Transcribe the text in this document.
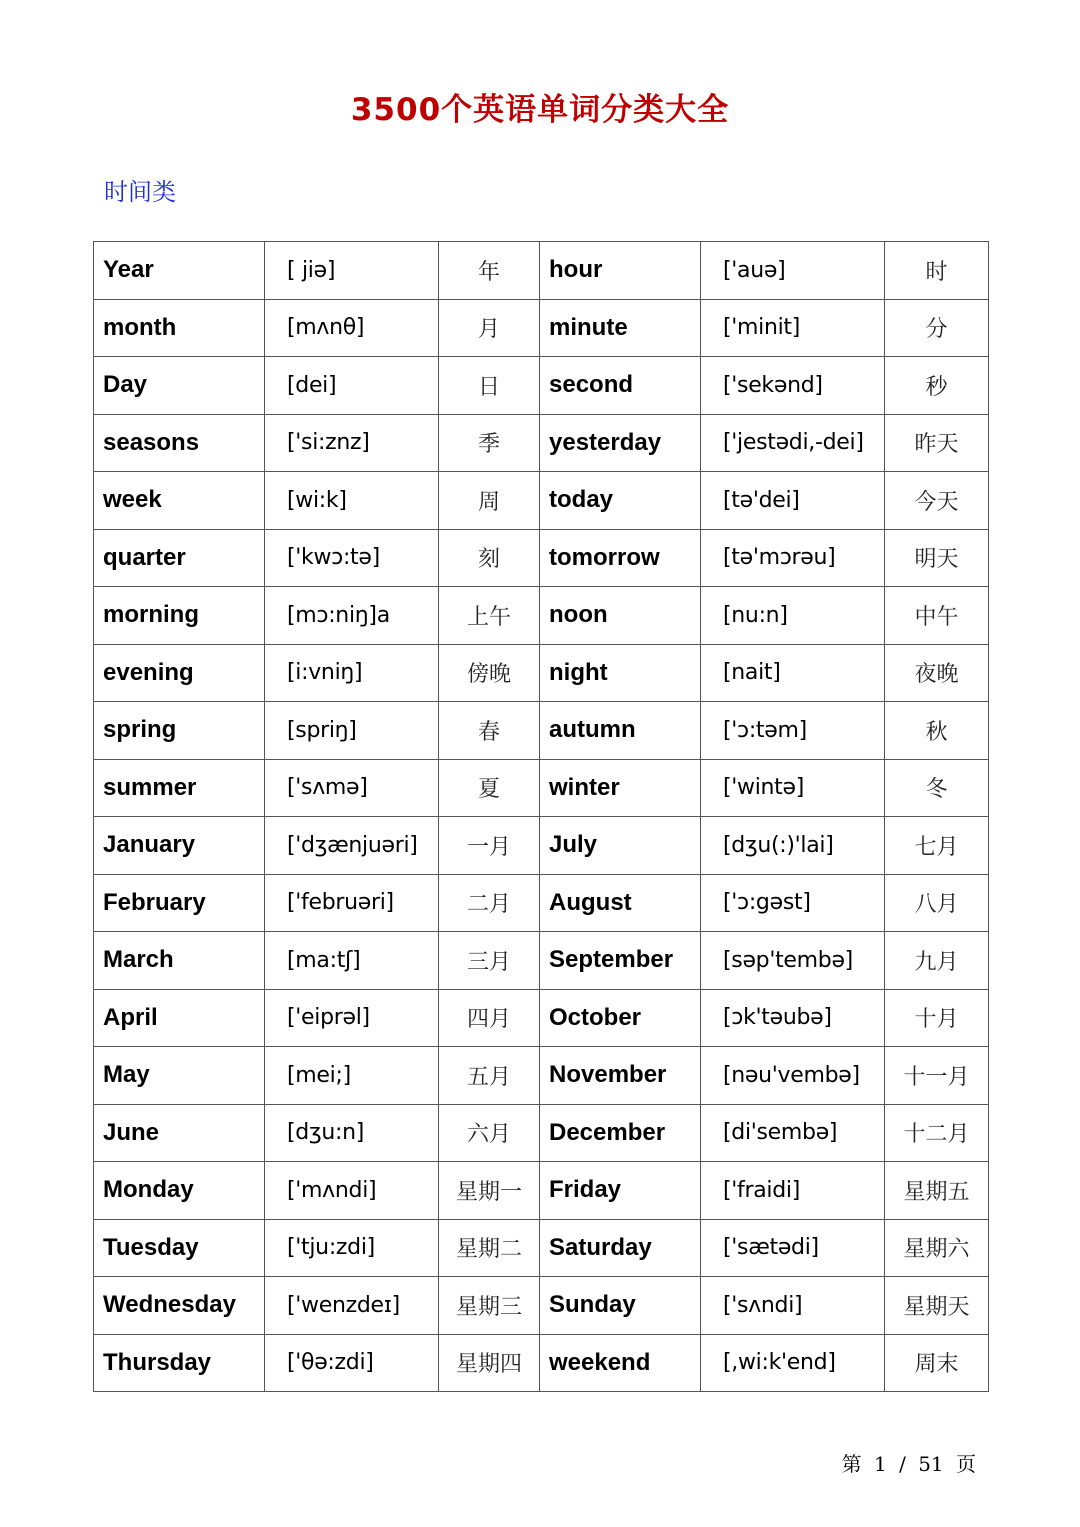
3500个英语单词分类大全
时间类
Year	[ jiə]	年	hour	['auə]	时
month	[mʌnθ]	月	minute	['minit]	分
Day	[dei]	日	second	['sekənd]	秒
seasons	['si:znz]	季	yesterday	['jestədi,-dei]	昨天
week	[wi:k]	周	today	[tə'dei]	今天
quarter	['kwɔ:tə]	刻	tomorrow	[tə'mɔrəu]	明天
morning	[mɔ:niŋ]a	上午	noon	[nu:n]	中午
evening	[i:vniŋ]	傍晚	night	[nait]	夜晚
spring	[spriŋ]	春	autumn	['ɔ:təm]	秋
summer	['sʌmə]	夏	winter	['wintə]	冬
January	['dʒænjuəri]	一月	July	[dʒu(:)'lai]	七月
February	['februəri]	二月	August	['ɔ:gəst]	八月
March	[ma:tʃ]	三月	September	[səp'tembə]	九月
April	['eiprəl]	四月	October	[ɔk'təubə]	十月
May	[mei;]	五月	November	[nəu'vembə]	十一月
June	[dʒu:n]	六月	December	[di'sembə]	十二月
Monday	['mʌndi]	星期一	Friday	['fraidi]	星期五
Tuesday	['tju:zdi]	星期二	Saturday	['sætədi]	星期六
Wednesday	['wenzdeɪ]	星期三	Sunday	['sʌndi]	星期天
Thursday	['θə:zdi]	星期四	weekend	[,wi:k'end]	周末
第 1 / 51 页
